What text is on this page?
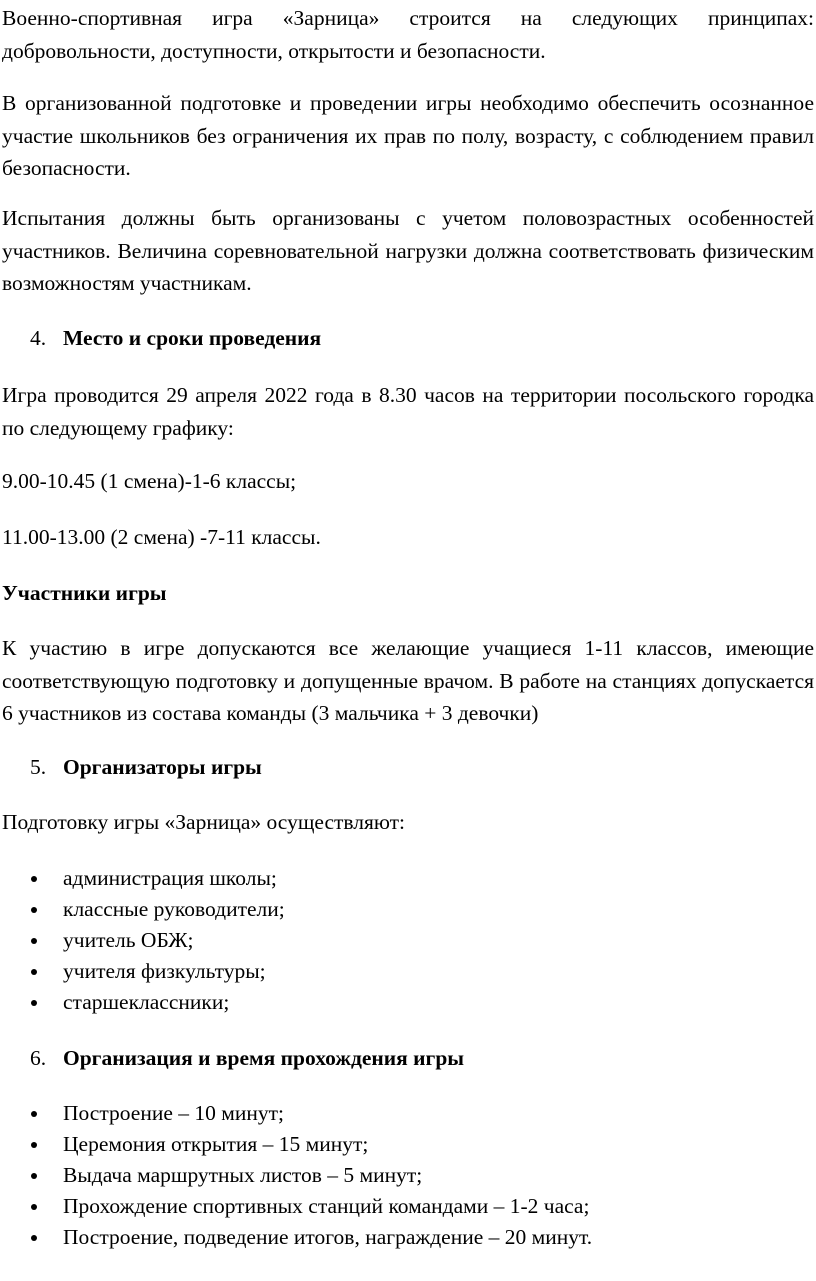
Военно-спортивная игра «Зарница» строится на следующих принципах: добровольности, доступности, открытости и безопасности.

В организованной подготовке и проведении игры необходимо обеспечить осознанное участие школьников без ограничения их прав по полу, возрасту, с соблюдением правил безопасности.

Испытания должны быть организованы с учетом половозрастных особенностей участников. Величина соревновательной нагрузки должна соответствовать физическим возможностям участникам.

4. Место и сроки проведения

Игра проводится 29 апреля 2022 года в 8.30 часов на территории посольского городка по следующему графику:

9.00-10.45 (1 смена)-1-6 классы;

11.00-13.00 (2 смена) -7-11 классы.

Участники игры

К участию в игре допускаются все желающие учащиеся 1-11 классов, имеющие соответствующую подготовку и допущенные врачом. В работе на станциях допускается 6 участников из состава команды (3 мальчика + 3 девочки)

5. Организаторы игры

Подготовку игры «Зарница» осуществляют:

администрация школы;
классные руководители;
учитель ОБЖ;
учителя физкультуры;
старшеклассники;

6. Организация и время прохождения игры

Построение – 10 минут;
Церемония открытия – 15 минут;
Выдача маршрутных листов – 5 минут;
Прохождение спортивных станций командами – 1-2 часа;
Построение, подведение итогов, награждение – 20 минут.
